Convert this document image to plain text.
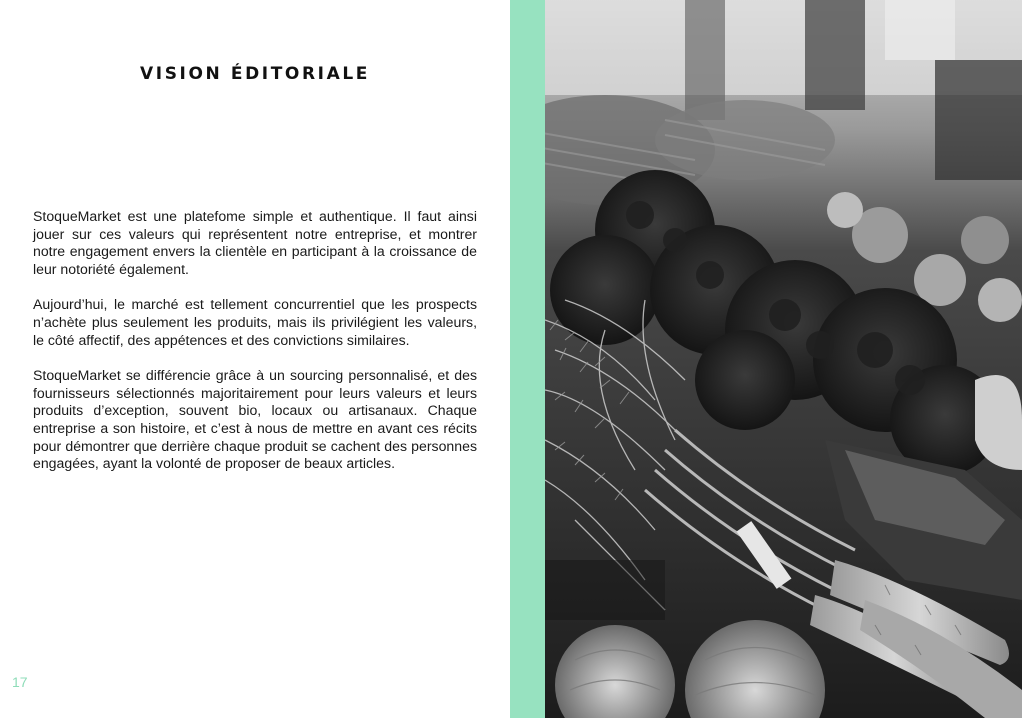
VISION ÉDITORIALE

StoqueMarket est une platefome simple et authentique. Il faut ainsi jouer sur ces valeurs qui représentent notre entreprise, et montrer notre engagement envers la clientèle en participant à la croissance de leur notoriété également.

Aujourd’hui, le marché est tellement concurrentiel que les prospects n’achète plus seulement les produits, mais ils privilégient les valeurs, le côté affectif, des appétences et des convictions similaires.

StoqueMarket se différencie grâce à un sourcing personnalisé, et des fournisseurs sélectionnés majoritairement pour leurs valeurs et leurs produits d’exception, souvent bio, locaux ou artisanaux. Chaque entreprise a son histoire, et c’est à nous de mettre en avant ces récits pour démontrer que derrière chaque produit se cachent des personnes engagées, ayant la volonté de proposer de beaux articles.

17
